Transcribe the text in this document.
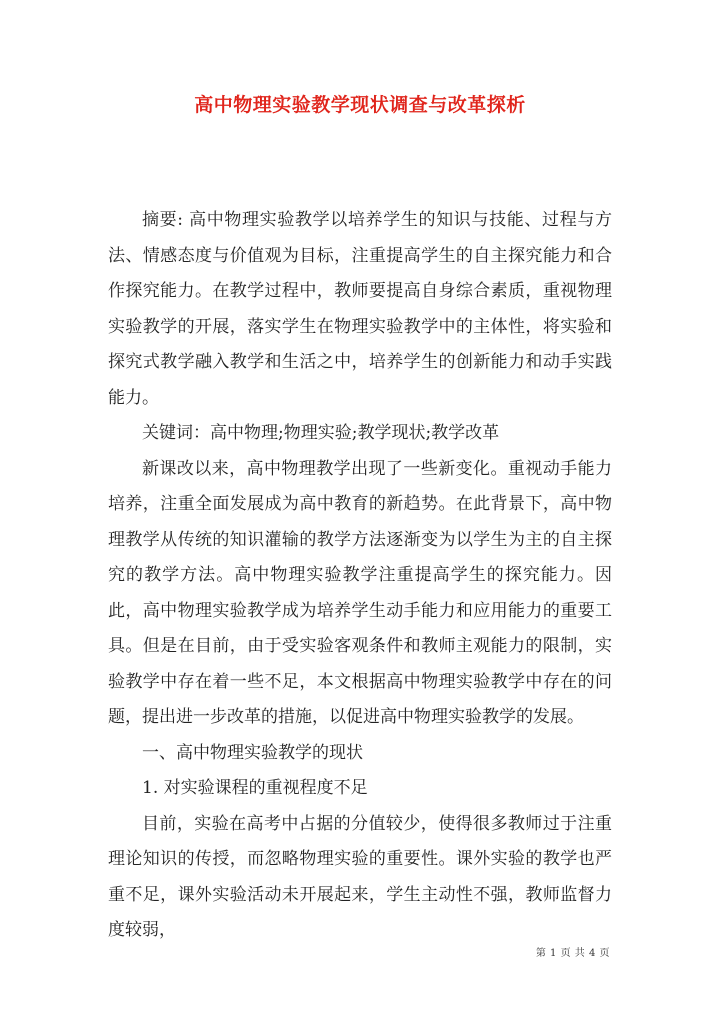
高中物理实验教学现状调查与改革探析

摘要: 高中物理实验教学以培养学生的知识与技能、过程与方法、情感态度与价值观为目标，注重提高学生的自主探究能力和合作探究能力。在教学过程中，教师要提高自身综合素质，重视物理实验教学的开展，落实学生在物理实验教学中的主体性，将实验和探究式教学融入教学和生活之中，培养学生的创新能力和动手实践能力。

关键词：高中物理;物理实验;教学现状;教学改革

新课改以来，高中物理教学出现了一些新变化。重视动手能力培养，注重全面发展成为高中教育的新趋势。在此背景下，高中物理教学从传统的知识灌输的教学方法逐渐变为以学生为主的自主探究的教学方法。高中物理实验教学注重提高学生的探究能力。因此，高中物理实验教学成为培养学生动手能力和应用能力的重要工具。但是在目前，由于受实验客观条件和教师主观能力的限制，实验教学中存在着一些不足，本文根据高中物理实验教学中存在的问题，提出进一步改革的措施，以促进高中物理实验教学的发展。

一、高中物理实验教学的现状

1. 对实验课程的重视程度不足

目前，实验在高考中占据的分值较少，使得很多教师过于注重理论知识的传授，而忽略物理实验的重要性。课外实验的教学也严重不足，课外实验活动未开展起来，学生主动性不强，教师监督力度较弱，

第 1 页 共 4 页
